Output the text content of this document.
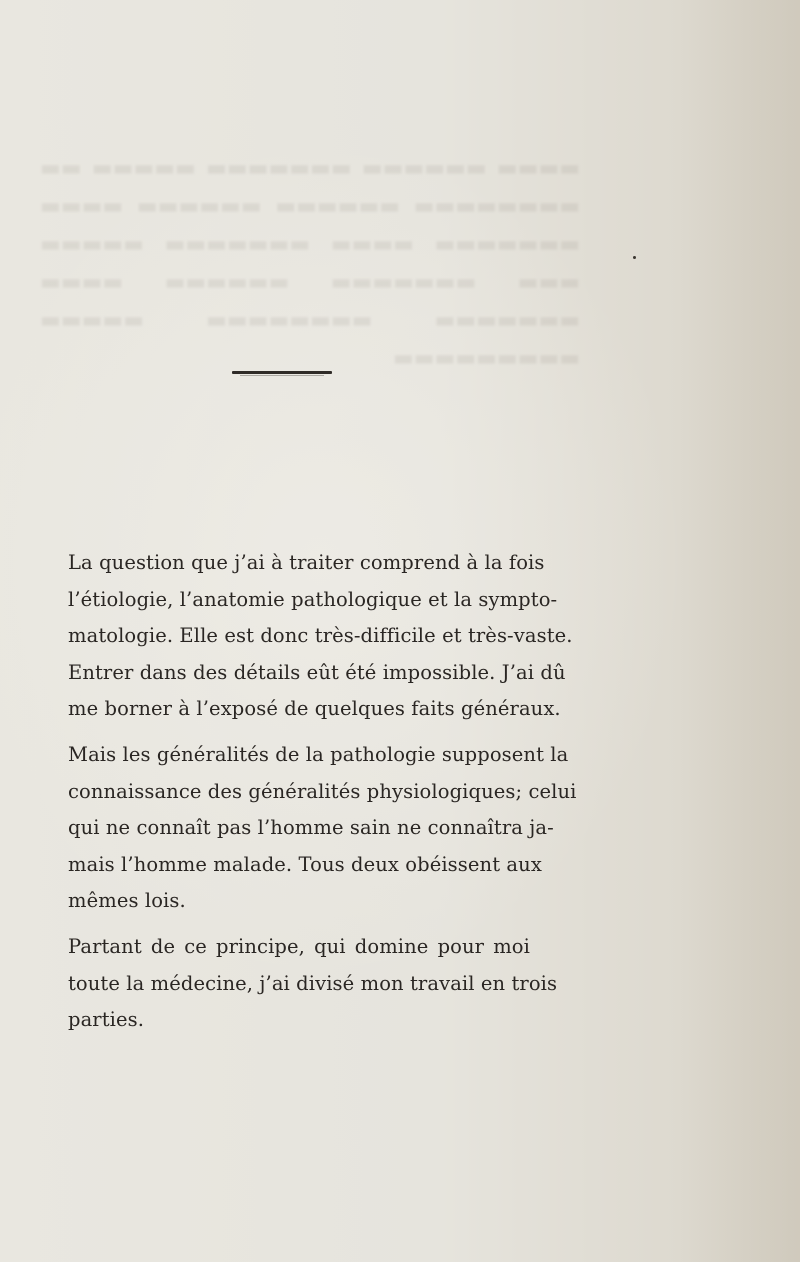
▬▬▬▬ ▬▬▬▬▬▬ ▬▬▬▬▬▬▬ ▬▬▬▬▬ ▬▬ ▬▬▬▬▬▬▬▬ ▬▬▬▬▬▬ ▬▬▬▬▬▬ ▬▬▬▬ ▬▬▬▬▬▬▬ ▬▬▬▬ ▬▬▬▬▬▬▬ ▬▬▬▬▬ ▬▬▬ ▬▬▬▬▬▬▬ ▬▬▬▬▬▬ ▬▬▬▬ ▬▬▬▬▬▬▬ ▬▬▬▬▬▬▬▬ ▬▬▬▬▬ ▬▬▬▬▬▬▬▬▬
La question que j’ai à traiter comprend à la fois
l’étiologie, l’anatomie pathologique et la sympto-
matologie. Elle est donc très-difficile et très-vaste.
Entrer dans des détails eût été impossible. J’ai dû
me borner à l’exposé de quelques faits généraux.
Mais les généralités de la pathologie supposent la
connaissance des généralités physiologiques; celui
qui ne connaît pas l’homme sain ne connaîtra ja-
mais l’homme malade. Tous deux obéissent aux
mêmes lois.
Partant de ce principe, qui domine pour moi
toute la médecine, j’ai divisé mon travail en trois
parties.
